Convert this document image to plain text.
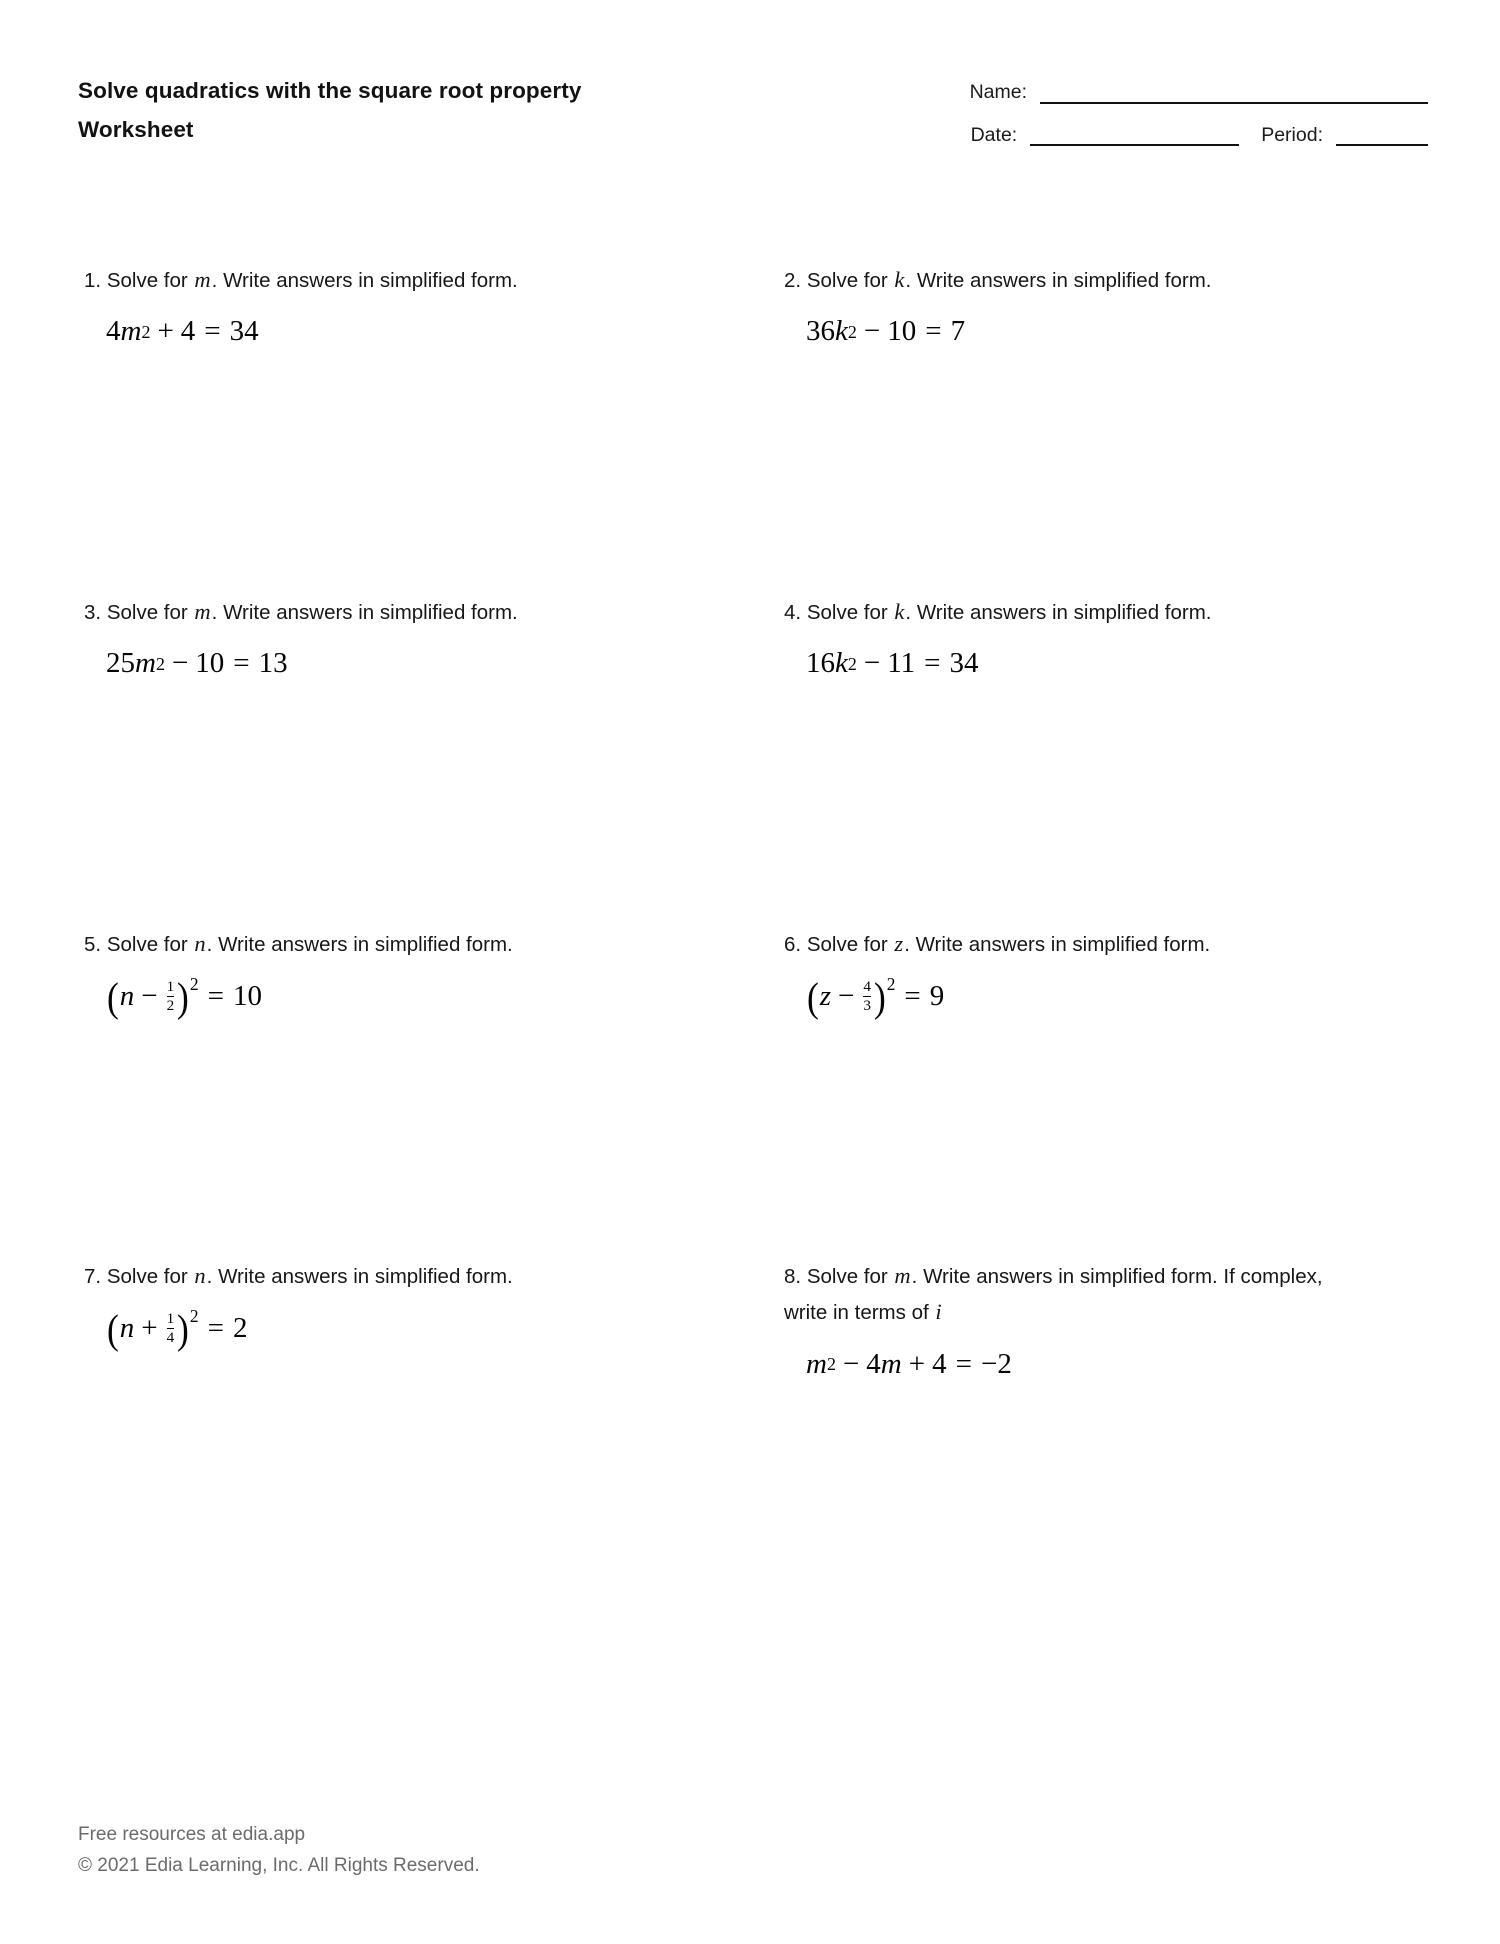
Solve quadratics with the square root property
Worksheet
Name:
Date:	Period:
1. Solve for m. Write answers in simplified form.
4 m 2 + 4 = 34
2. Solve for k. Write answers in simplified form.
36 k 2 − 10 = 7
3. Solve for m. Write answers in simplified form.
25 m 2 − 10 = 13
4. Solve for k. Write answers in simplified form.
16 k 2 − 11 = 34
5. Solve for n. Write answers in simplified form.
( $n - \frac{1}{2}$ ) 2 = 10
6. Solve for z. Write answers in simplified form.
( $z - \frac{4}{3}$ ) 2 = 9
7. Solve for n. Write answers in simplified form.
( $n + \frac{1}{4}$ ) 2 = 2
8. Solve for m. Write answers in simplified form. If complex, write in terms of i
m 2 − 4 m + 4 = −2
Free resources at edia.app
© 2021 Edia Learning, Inc. All Rights Reserved.
